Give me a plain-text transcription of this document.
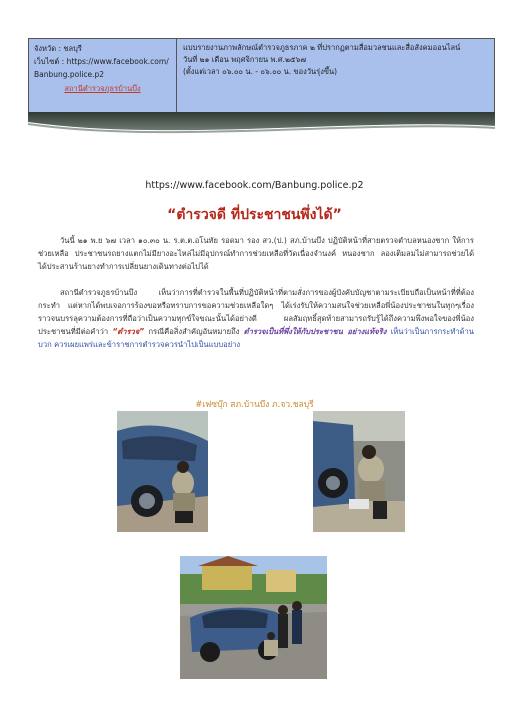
จังหวัด : ชลบุรี
เว็บไซต์ : https://www.facebook.com/
Banbung.police.p2
สถานีตำรวจภูธรบ้านบึง
แบบรายงานภาพลักษณ์ตำรวจภูธรภาค ๒ ที่ปรากฏตามสื่อมวลชนและสื่อสังคมออนไลน์
วันที่ ๒๑ เดือน พฤศจิกายน พ.ศ.๒๕๖๗
(ตั้งแต่เวลา ๐๖.๐๐ น. - ๐๖.๐๐ น. ของวันรุ่งขึ้น)
https://www.facebook.com/Banbung.police.p2
“ตำรวจดี ที่ประชาชนพึ่งได้”
วันนี้ ๒๑ พ.ย ๖๗ เวลา ๑๐.๓๐ น. ร.ต.ต.อโนทัย รอดมา รอง สว.(ป.) สภ.บ้านบึง ปฏิบัติหน้าที่สายตรวจตำบลหนองชาก ให้การช่วยเหลือ ประชาชนรถยางแตกไม่มียางอะไหล่ไม่มีอุปกรณ์ทำการช่วยเหลือที่วัดเนื่องจำนงค์ หนองชาก ลองเติมลมไม่สามารถช่วยได้ ได้ประสานร้านยางทำการเปลี่ยนยางเดินทางต่อไปได้
สถานีตำรวจภูธรบ้านบึง เห็นว่าการที่ตำรวจในพื้นที่ปฏิบัติหน้าที่ตามสั่งการของผู้บังคับบัญชาตามระเบียบถือเป็นหน้าที่ที่ต้องกระทำ แต่หากได้พบเจอการร้องขอหรือทราบการขอความช่วยเหลือใดๆ ได้เร่งรับให้ความสนใจช่วยเหลือพี่น้องประชาชนในทุกๆเรื่องราวจนบรรลุความต้องการที่ถือว่าเป็นความทุกข์ใจขณะนั้นได้อย่างดี ผลสัมฤทธิ์สุดท้ายสามารถรับรู้ได้ถึงความพึงพอใจของพี่น้องประชาชนที่มีต่อคำว่า “ตำรวจ” กรณีคือสิ่งสำคัญอันหมายถึง ตำรวจเป็นที่พึ่งให้กับประชาชน อย่างแท้จริง เห็นว่าเป็นการกระทำด้านบวก ควรเผยแพร่และข้าราชการตำรวจควรนำไปเป็นแบบอย่าง
#เฟซบุ๊ก สภ.บ้านบึง ภ.จว.ชลบุรี
